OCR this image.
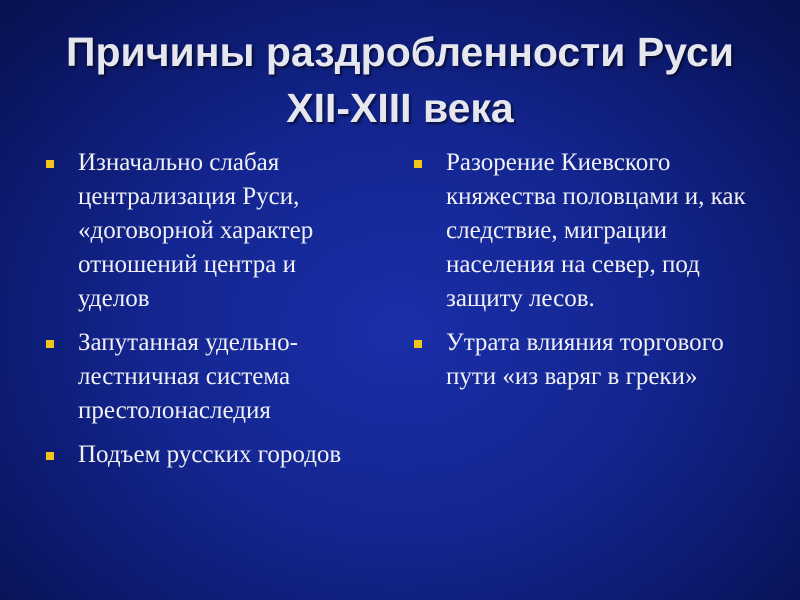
Причины раздробленности Руси
XII-XIII века
Изначально слабая централизация Руси, «договорной характер отношений центра и уделов
Запутанная удельно-лестничная система престолонаследия
Подъем русских городов
Разорение Киевского княжества половцами и, как следствие, миграции населения на север, под защиту лесов.
Утрата влияния торгового пути «из варяг в греки»
